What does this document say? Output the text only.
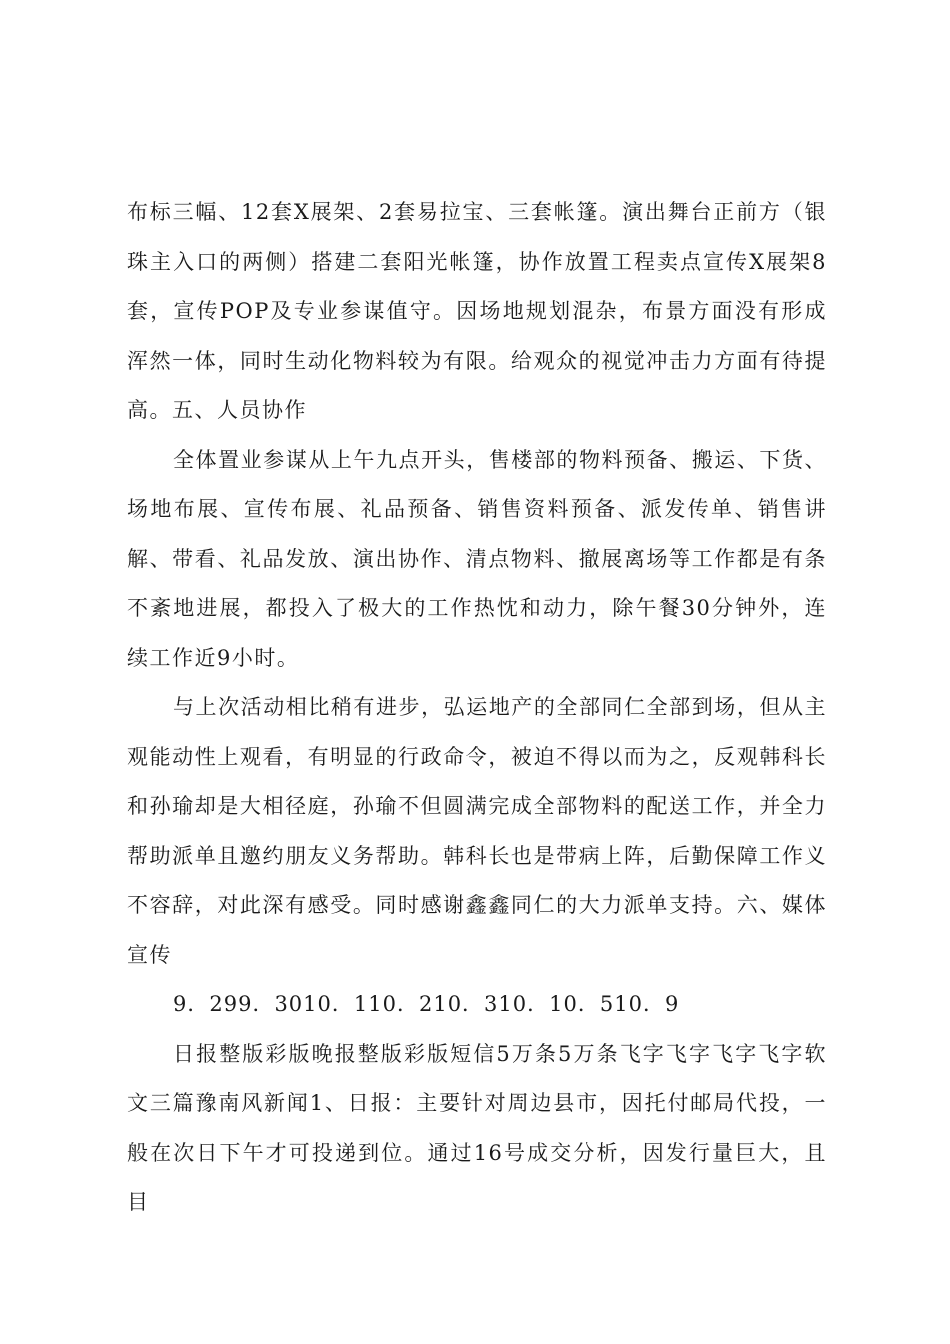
布标三幅、12套X展架、2套易拉宝、三套帐篷。演出舞台正前方（银珠主入口的两侧）搭建二套阳光帐篷，协作放置工程卖点宣传X展架8套，宣传POP及专业参谋值守。因场地规划混杂，布景方面没有形成浑然一体，同时生动化物料较为有限。给观众的视觉冲击力方面有待提高。五、人员协作

全体置业参谋从上午九点开头，售楼部的物料预备、搬运、下货、场地布展、宣传布展、礼品预备、销售资料预备、派发传单、销售讲解、带看、礼品发放、演出协作、清点物料、撤展离场等工作都是有条不紊地进展，都投入了极大的工作热忱和动力，除午餐30分钟外，连续工作近9小时。

与上次活动相比稍有进步，弘运地产的全部同仁全部到场，但从主观能动性上观看，有明显的行政命令，被迫不得以而为之，反观韩科长和孙瑜却是大相径庭，孙瑜不但圆满完成全部物料的配送工作，并全力帮助派单且邀约朋友义务帮助。韩科长也是带病上阵，后勤保障工作义不容辞，对此深有感受。同时感谢鑫鑫同仁的大力派单支持。六、媒体宣传

9．299．3010．110．210．310．10．510．9

日报整版彩版晚报整版彩版短信5万条5万条飞字飞字飞字飞字软文三篇豫南风新闻1、日报：主要针对周边县市，因托付邮局代投，一般在次日下午才可投递到位。通过16号成交分析，因发行量巨大，且目
